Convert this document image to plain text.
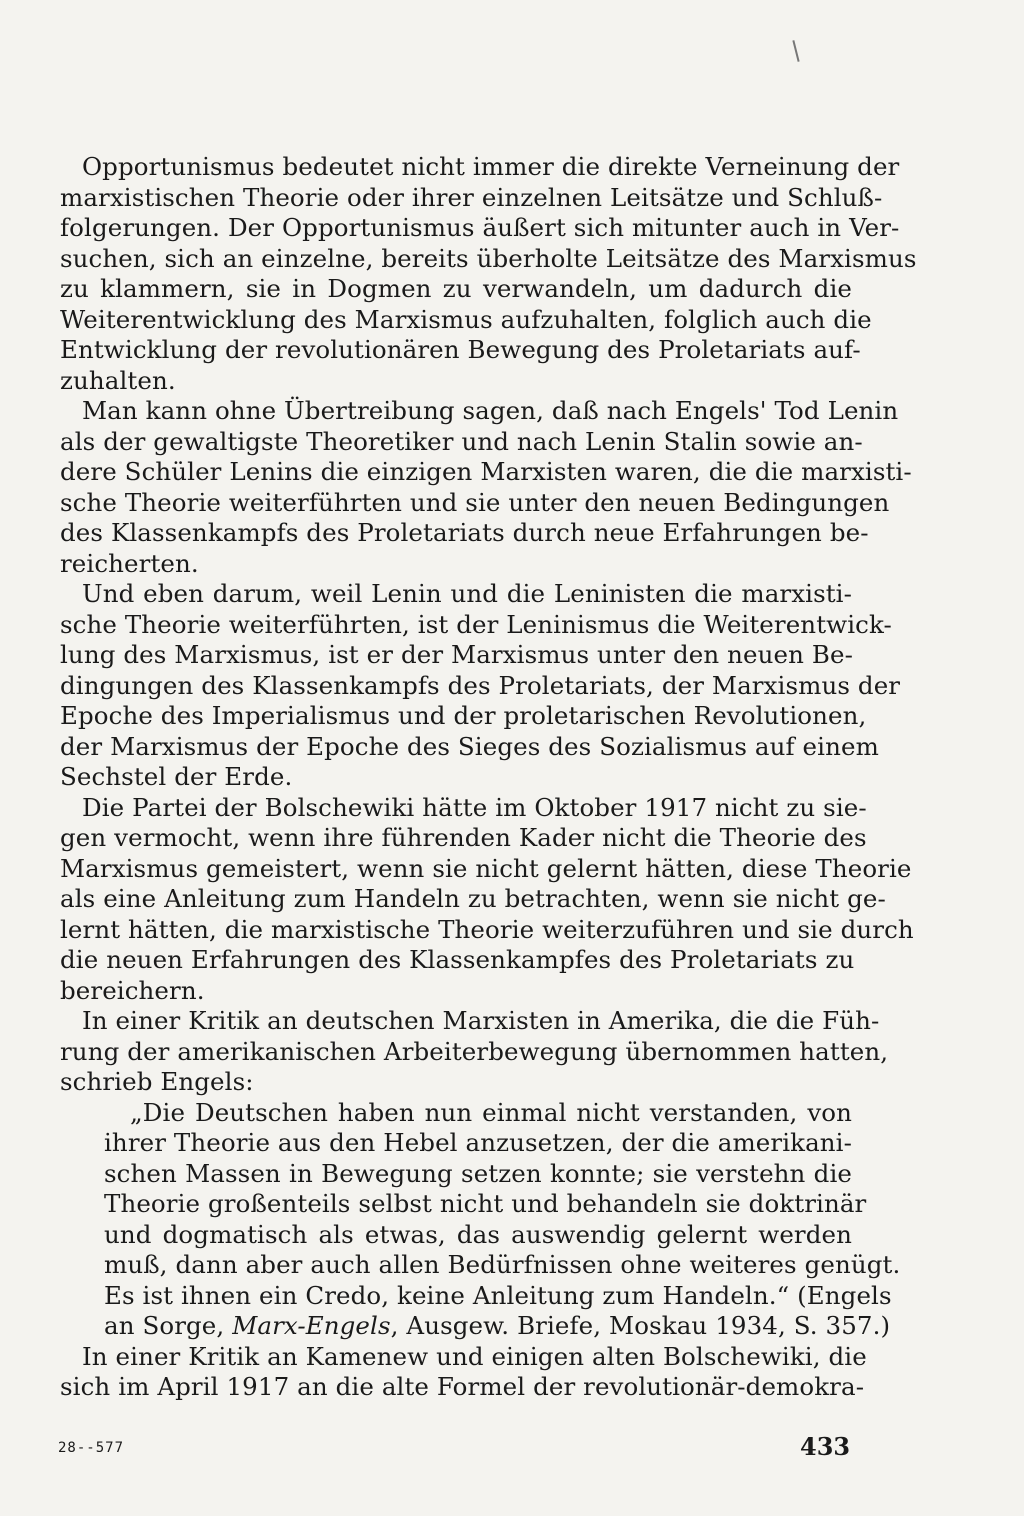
Opportunismus bedeutet nicht immer die direkte Verneinung der
marxistischen Theorie oder ihrer einzelnen Leitsätze und Schluß-
folgerungen. Der Opportunismus äußert sich mitunter auch in Ver-
suchen, sich an einzelne, bereits überholte Leitsätze des Marxismus
zu klammern, sie in Dogmen zu verwandeln, um dadurch die
Weiterentwicklung des Marxismus aufzuhalten, folglich auch die
Entwicklung der revolutionären Bewegung des Proletariats auf-
zuhalten.
Man kann ohne Übertreibung sagen, daß nach Engels' Tod Lenin
als der gewaltigste Theoretiker und nach Lenin Stalin sowie an-
dere Schüler Lenins die einzigen Marxisten waren, die die marxisti-
sche Theorie weiterführten und sie unter den neuen Bedingungen
des Klassenkampfs des Proletariats durch neue Erfahrungen be-
reicherten.
Und eben darum, weil Lenin und die Leninisten die marxisti-
sche Theorie weiterführten, ist der Leninismus die Weiterentwick-
lung des Marxismus, ist er der Marxismus unter den neuen Be-
dingungen des Klassenkampfs des Proletariats, der Marxismus der
Epoche des Imperialismus und der proletarischen Revolutionen,
der Marxismus der Epoche des Sieges des Sozialismus auf einem
Sechstel der Erde.
Die Partei der Bolschewiki hätte im Oktober 1917 nicht zu sie-
gen vermocht, wenn ihre führenden Kader nicht die Theorie des
Marxismus gemeistert, wenn sie nicht gelernt hätten, diese Theorie
als eine Anleitung zum Handeln zu betrachten, wenn sie nicht ge-
lernt hätten, die marxistische Theorie weiterzuführen und sie durch
die neuen Erfahrungen des Klassenkampfes des Proletariats zu
bereichern.
In einer Kritik an deutschen Marxisten in Amerika, die die Füh-
rung der amerikanischen Arbeiterbewegung übernommen hatten,
schrieb Engels:
„Die Deutschen haben nun einmal nicht verstanden, von
ihrer Theorie aus den Hebel anzusetzen, der die amerikani-
schen Massen in Bewegung setzen konnte; sie verstehn die
Theorie großenteils selbst nicht und behandeln sie doktrinär
und dogmatisch als etwas, das auswendig gelernt werden
muß, dann aber auch allen Bedürfnissen ohne weiteres genügt.
Es ist ihnen ein Credo, keine Anleitung zum Handeln.“ (Engels
an Sorge, Marx-Engels, Ausgew. Briefe, Moskau 1934, S. 357.)
In einer Kritik an Kamenew und einigen alten Bolschewiki, die
sich im April 1917 an die alte Formel der revolutionär-demokra-
28--577	433
